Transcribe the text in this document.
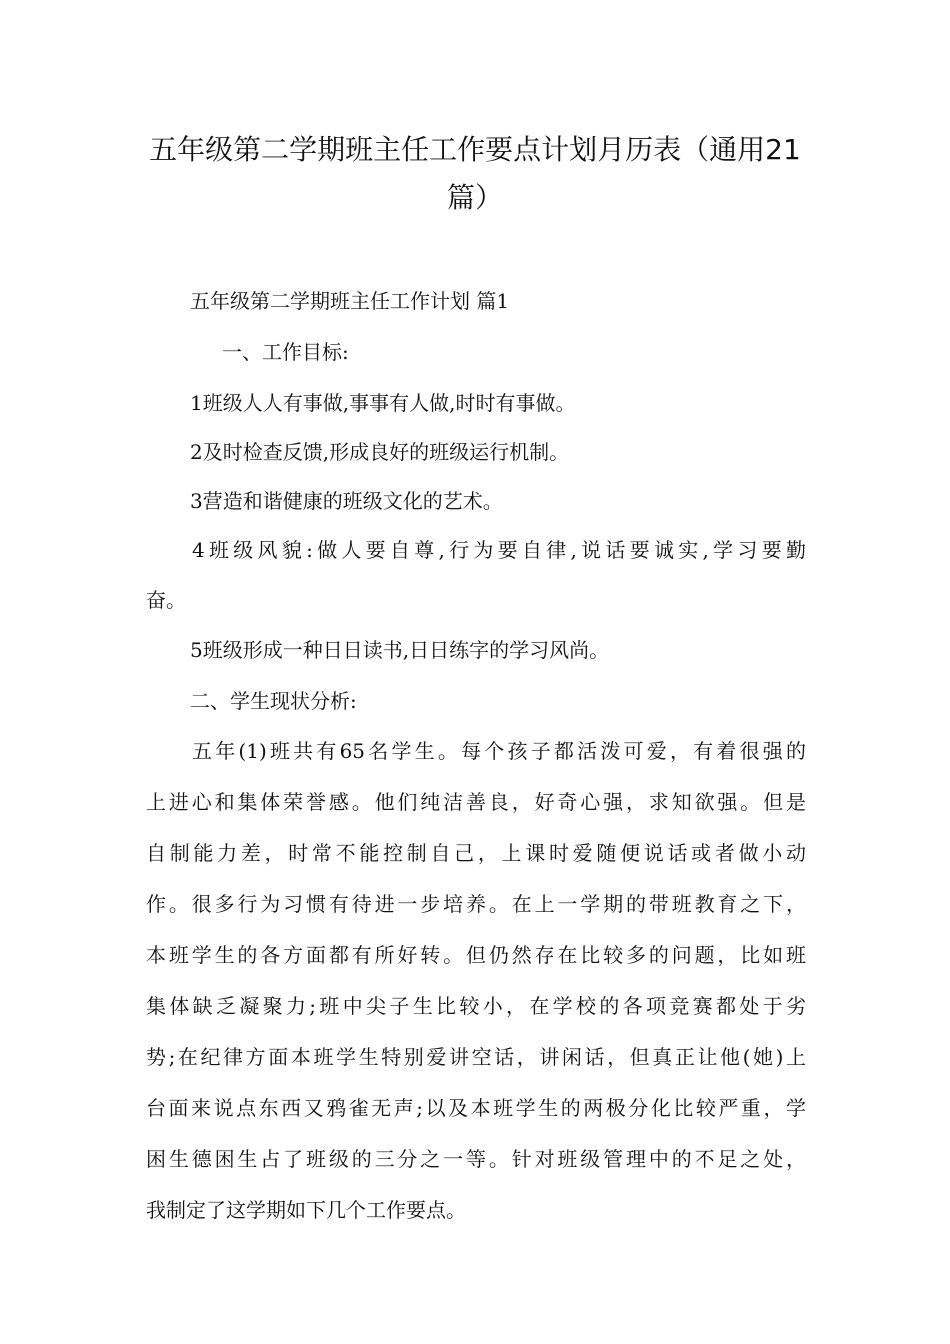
五年级第二学期班主任工作要点计划月历表（通用21
篇）
五年级第二学期班主任工作计划 篇1
一、工作目标:
1班级人人有事做,事事有人做,时时有事做。
2及时检查反馈,形成良好的班级运行机制。
3营造和谐健康的班级文化的艺术。
4班级风貌:做人要自尊,行为要自律,说话要诚实,学习要勤
奋。
5班级形成一种日日读书,日日练字的学习风尚。
二、学生现状分析:
五年(1)班共有65名学生。每个孩子都活泼可爱，有着很强的
上进心和集体荣誉感。他们纯洁善良，好奇心强，求知欲强。但是
自制能力差，时常不能控制自己，上课时爱随便说话或者做小动
作。很多行为习惯有待进一步培养。在上一学期的带班教育之下，
本班学生的各方面都有所好转。但仍然存在比较多的问题，比如班
集体缺乏凝聚力;班中尖子生比较小，在学校的各项竞赛都处于劣
势;在纪律方面本班学生特别爱讲空话，讲闲话，但真正让他(她)上
台面来说点东西又鸦雀无声;以及本班学生的两极分化比较严重，学
困生德困生占了班级的三分之一等。针对班级管理中的不足之处，
我制定了这学期如下几个工作要点。
